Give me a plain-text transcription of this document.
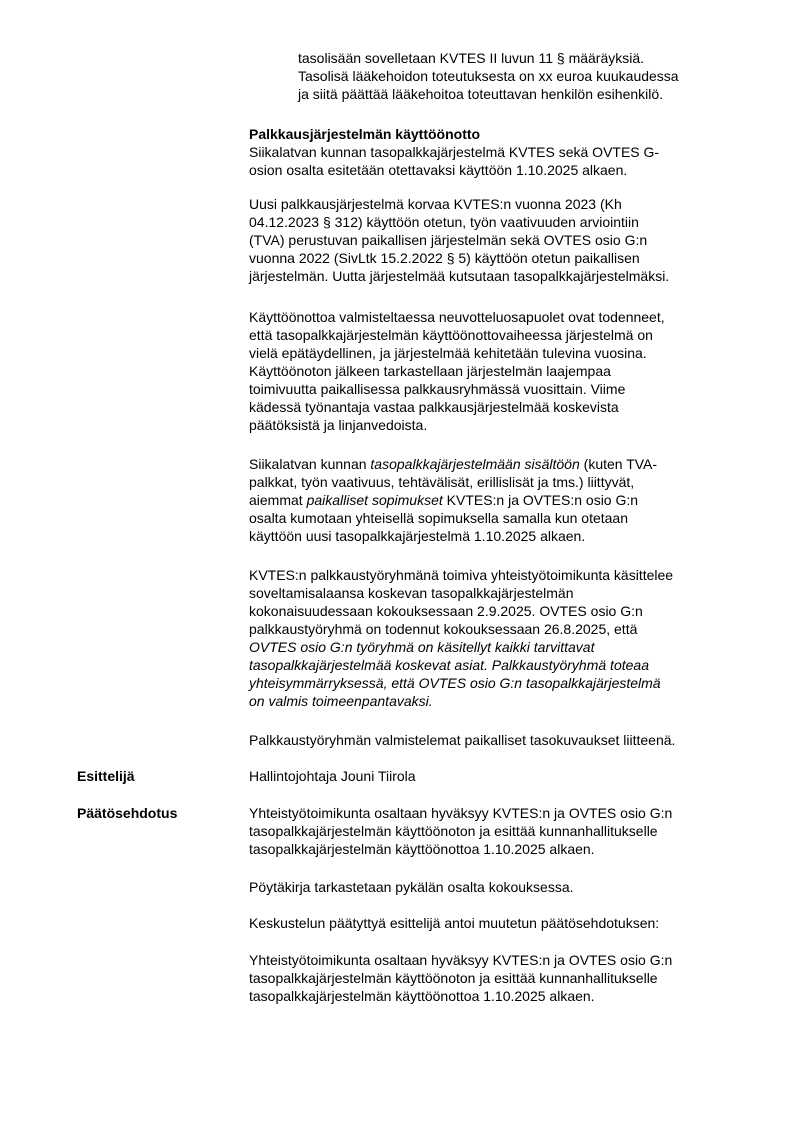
tasolisään sovelletaan KVTES II luvun 11 § määräyksiä.
Tasolisä lääkehoidon toteutuksesta on xx euroa kuukaudessa
ja siitä päättää lääkehoitoa toteuttavan henkilön esihenkilö.
Palkkausjärjestelmän käyttöönotto
Siikalatvan kunnan tasopalkkajärjestelmä KVTES sekä OVTES G-
osion osalta esitetään otettavaksi käyttöön 1.10.2025 alkaen.
Uusi palkkausjärjestelmä korvaa KVTES:n vuonna 2023 (Kh
04.12.2023 § 312) käyttöön otetun, työn vaativuuden arviointiin
(TVA) perustuvan paikallisen järjestelmän sekä OVTES osio G:n
vuonna 2022 (SivLtk 15.2.2022 § 5) käyttöön otetun paikallisen
järjestelmän. Uutta järjestelmää kutsutaan tasopalkkajärjestelmäksi.
Käyttöönottoa valmisteltaessa neuvotteluosapuolet ovat todenneet,
että tasopalkkajärjestelmän käyttöönottovaiheessa järjestelmä on
vielä epätäydellinen, ja järjestelmää kehitetään tulevina vuosina.
Käyttöönoton jälkeen tarkastellaan järjestelmän laajempaa
toimivuutta paikallisessa palkkausryhmässä vuosittain. Viime
kädessä työnantaja vastaa palkkausjärjestelmää koskevista
päätöksistä ja linjanvedoista.
Siikalatvan kunnan tasopalkkajärjestelmään sisältöön (kuten TVA-
palkkat, työn vaativuus, tehtävälisät, erillislisät ja tms.) liittyvät,
aiemmat paikalliset sopimukset KVTES:n ja OVTES:n osio G:n
osalta kumotaan yhteisellä sopimuksella samalla kun otetaan
käyttöön uusi tasopalkkajärjestelmä 1.10.2025 alkaen.
KVTES:n palkkaustyöryhmänä toimiva yhteistyötoimikunta käsittelee
soveltamisalaansa koskevan tasopalkkajärjestelmän
kokonaisuudessaan kokouksessaan 2.9.2025. OVTES osio G:n
palkkaustyöryhmä on todennut kokouksessaan 26.8.2025, että
OVTES osio G:n työryhmä on käsitellyt kaikki tarvittavat
tasopalkkajärjestelmää koskevat asiat. Palkkaustyöryhmä toteaa
yhteisymmärryksessä, että OVTES osio G:n tasopalkkajärjestelmä
on valmis toimeenpantavaksi.
Palkkaustyöryhmän valmistelemat paikalliset tasokuvaukset liitteenä.
Esittelijä	Hallintojohtaja Jouni Tiirola
Päätösehdotus	Yhteistyötoimikunta osaltaan hyväksyy KVTES:n ja OVTES osio G:n
tasopalkkajärjestelmän käyttöönoton ja esittää kunnanhallitukselle
tasopalkkajärjestelmän käyttöönottoa 1.10.2025 alkaen.
Pöytäkirja tarkastetaan pykälän osalta kokouksessa.
Keskustelun päätyttyä esittelijä antoi muutetun päätösehdotuksen:
Yhteistyötoimikunta osaltaan hyväksyy KVTES:n ja OVTES osio G:n
tasopalkkajärjestelmän käyttöönoton ja esittää kunnanhallitukselle
tasopalkkajärjestelmän käyttöönottoa 1.10.2025 alkaen.
